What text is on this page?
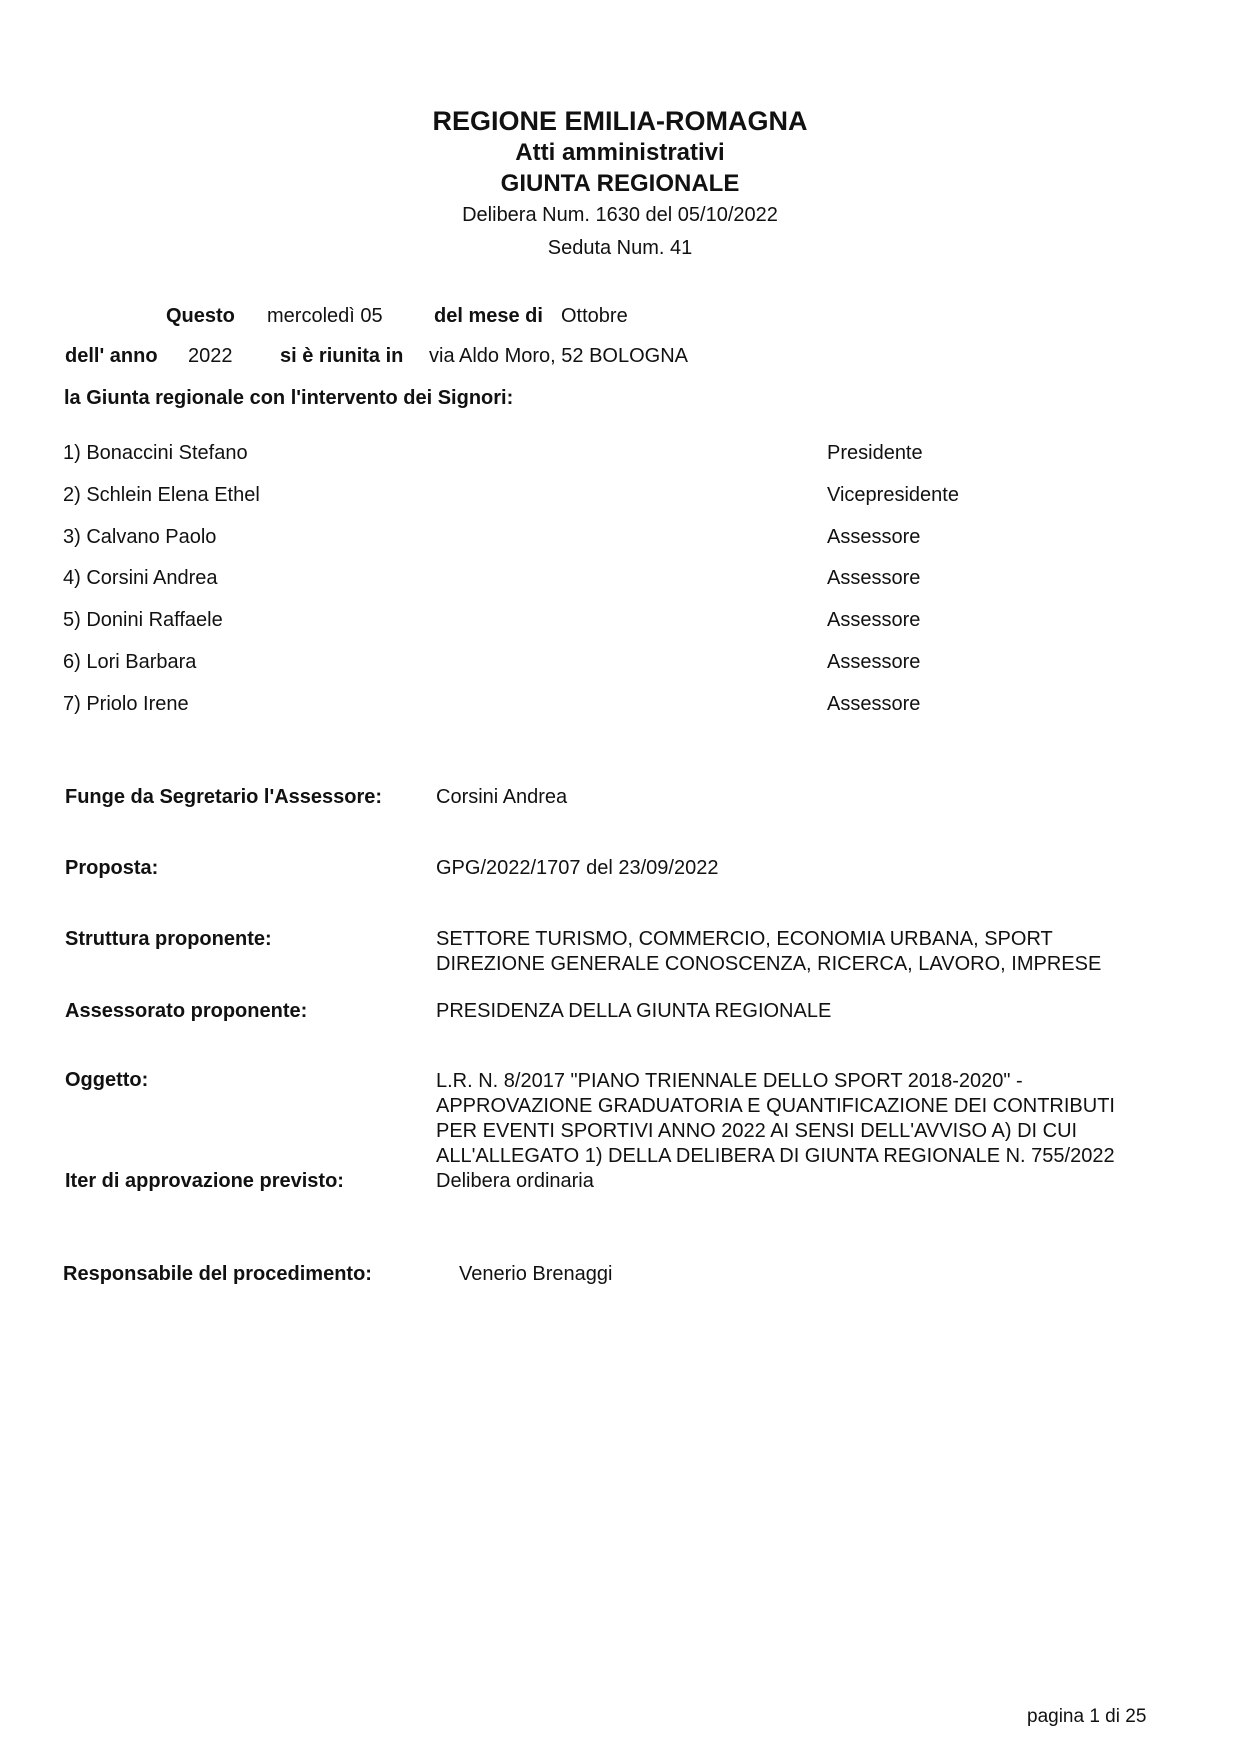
REGIONE EMILIA-ROMAGNA
Atti amministrativi
GIUNTA REGIONALE
Delibera Num. 1630 del 05/10/2022
Seduta Num. 41
Questo mercoledì 05	del mese di Ottobre
dell' anno 2022 si è riunita in via Aldo Moro, 52 BOLOGNA
la Giunta regionale con l'intervento dei Signori:
1) Bonaccini Stefano	Presidente
2) Schlein Elena Ethel	Vicepresidente
3) Calvano Paolo	Assessore
4) Corsini Andrea	Assessore
5) Donini Raffaele	Assessore
6) Lori Barbara	Assessore
7) Priolo Irene	Assessore
Funge da Segretario l'Assessore:	Corsini Andrea
Proposta:	GPG/2022/1707 del 23/09/2022
Struttura proponente:	SETTORE TURISMO, COMMERCIO, ECONOMIA URBANA, SPORT
DIREZIONE GENERALE CONOSCENZA, RICERCA, LAVORO, IMPRESE
Assessorato proponente:	PRESIDENZA DELLA GIUNTA REGIONALE
Oggetto:	L.R. N. 8/2017 "PIANO TRIENNALE DELLO SPORT 2018-2020" -
APPROVAZIONE GRADUATORIA E QUANTIFICAZIONE DEI CONTRIBUTI
PER EVENTI SPORTIVI ANNO 2022 AI SENSI DELL'AVVISO A) DI CUI
ALL'ALLEGATO 1) DELLA DELIBERA DI GIUNTA REGIONALE N. 755/2022
Iter di approvazione previsto:	Delibera ordinaria
Responsabile del procedimento:	Venerio Brenaggi
pagina 1 di 25
